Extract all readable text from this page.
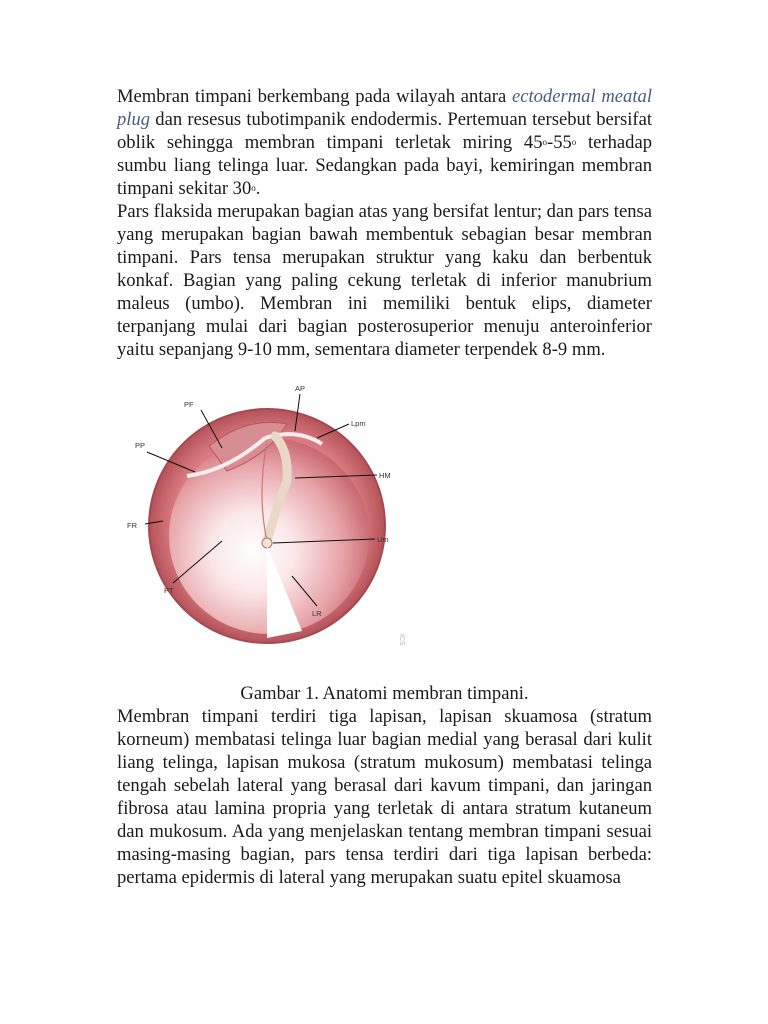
Membran timpani berkembang pada wilayah antara ectodermal meatal plug dan resesus tubotimpanik endodermis. Pertemuan tersebut bersifat oblik sehingga membran timpani terletak miring 45$^o$-55$^o$ terhadap sumbu liang telinga luar. Sedangkan pada bayi, kemiringan membran timpani sekitar 30$^o$.

Pars flaksida merupakan bagian atas yang bersifat lentur; dan pars tensa yang merupakan bagian bawah membentuk sebagian besar membran timpani. Pars tensa merupakan struktur yang kaku dan berbentuk konkaf. Bagian yang paling cekung terletak di inferior manubrium maleus (umbo). Membran ini memiliki bentuk elips, diameter terpanjang mulai dari bagian posterosuperior menuju anteroinferior yaitu sepanjang 9-10 mm, sementara diameter terpendek 8-9 mm.

PF
AP
Lpm
PP
HM
FR
Um
PT
LR
ICS

Gambar 1. Anatomi membran timpani.

Membran timpani terdiri tiga lapisan, lapisan skuamosa (stratum korneum) membatasi telinga luar bagian medial yang berasal dari kulit liang telinga, lapisan mukosa (stratum mukosum) membatasi telinga tengah sebelah lateral yang berasal dari kavum timpani, dan jaringan fibrosa atau lamina propria yang terletak di antara stratum kutaneum dan mukosum. Ada yang menjelaskan tentang membran timpani sesuai masing-masing bagian, pars tensa terdiri dari tiga lapisan berbeda: pertama epidermis di lateral yang merupakan suatu epitel skuamosa
